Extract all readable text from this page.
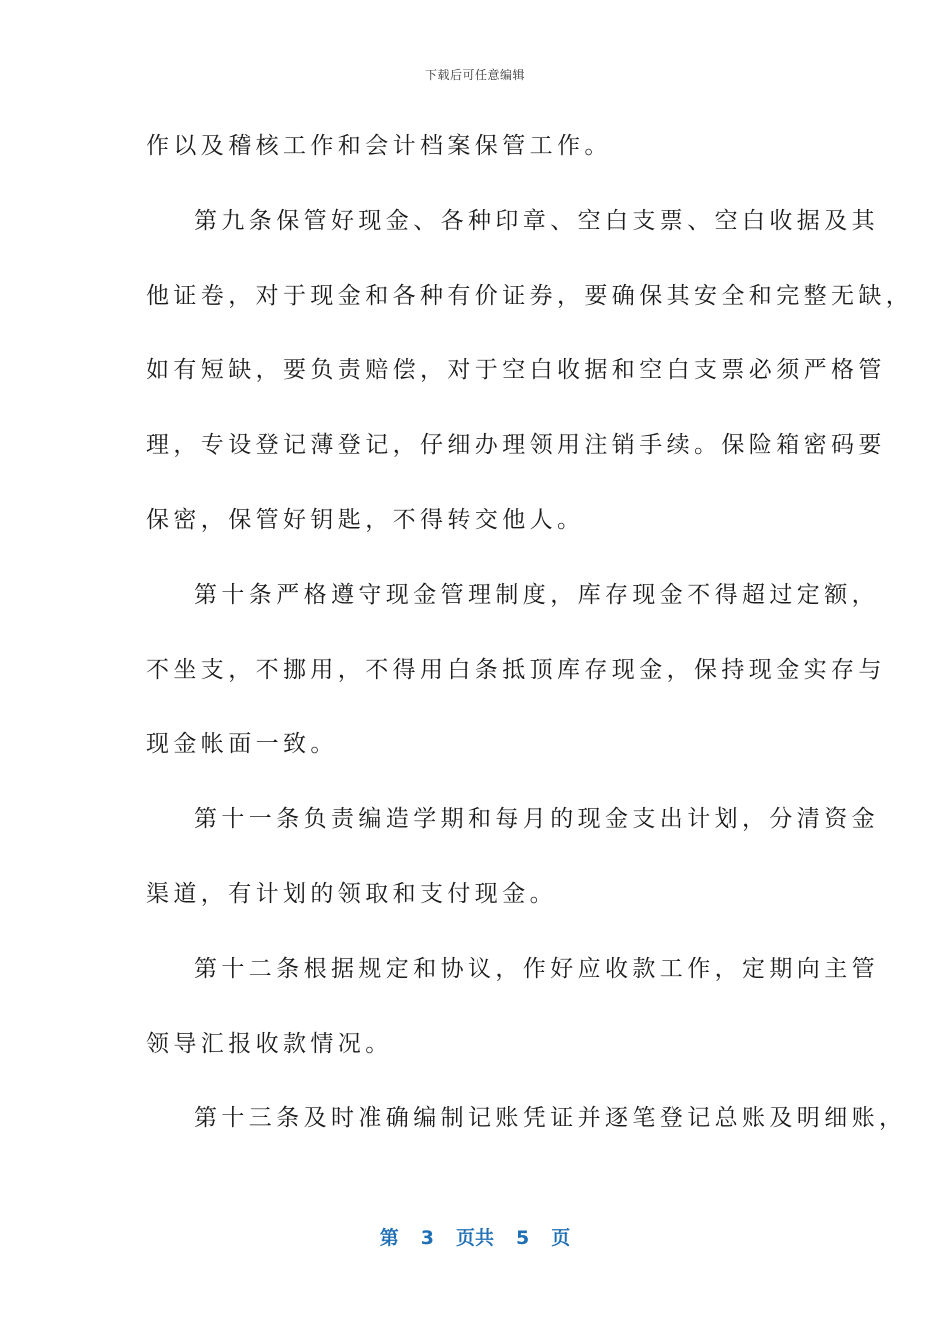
下载后可任意编辑
作以及稽核工作和会计档案保管工作。
第九条保管好现金、各种印章、空白支票、空白收据及其
他证卷，对于现金和各种有价证券，要确保其安全和完整无缺，
如有短缺，要负责赔偿，对于空白收据和空白支票必须严格管
理，专设登记薄登记，仔细办理领用注销手续。保险箱密码要
保密，保管好钥匙，不得转交他人。
第十条严格遵守现金管理制度，库存现金不得超过定额，
不坐支，不挪用，不得用白条抵顶库存现金，保持现金实存与
现金帐面一致。
第十一条负责编造学期和每月的现金支出计划，分清资金
渠道，有计划的领取和支付现金。
第十二条根据规定和协议，作好应收款工作，定期向主管
领导汇报收款情况。
第十三条及时准确编制记账凭证并逐笔登记总账及明细账，
第 3 页共 5 页
